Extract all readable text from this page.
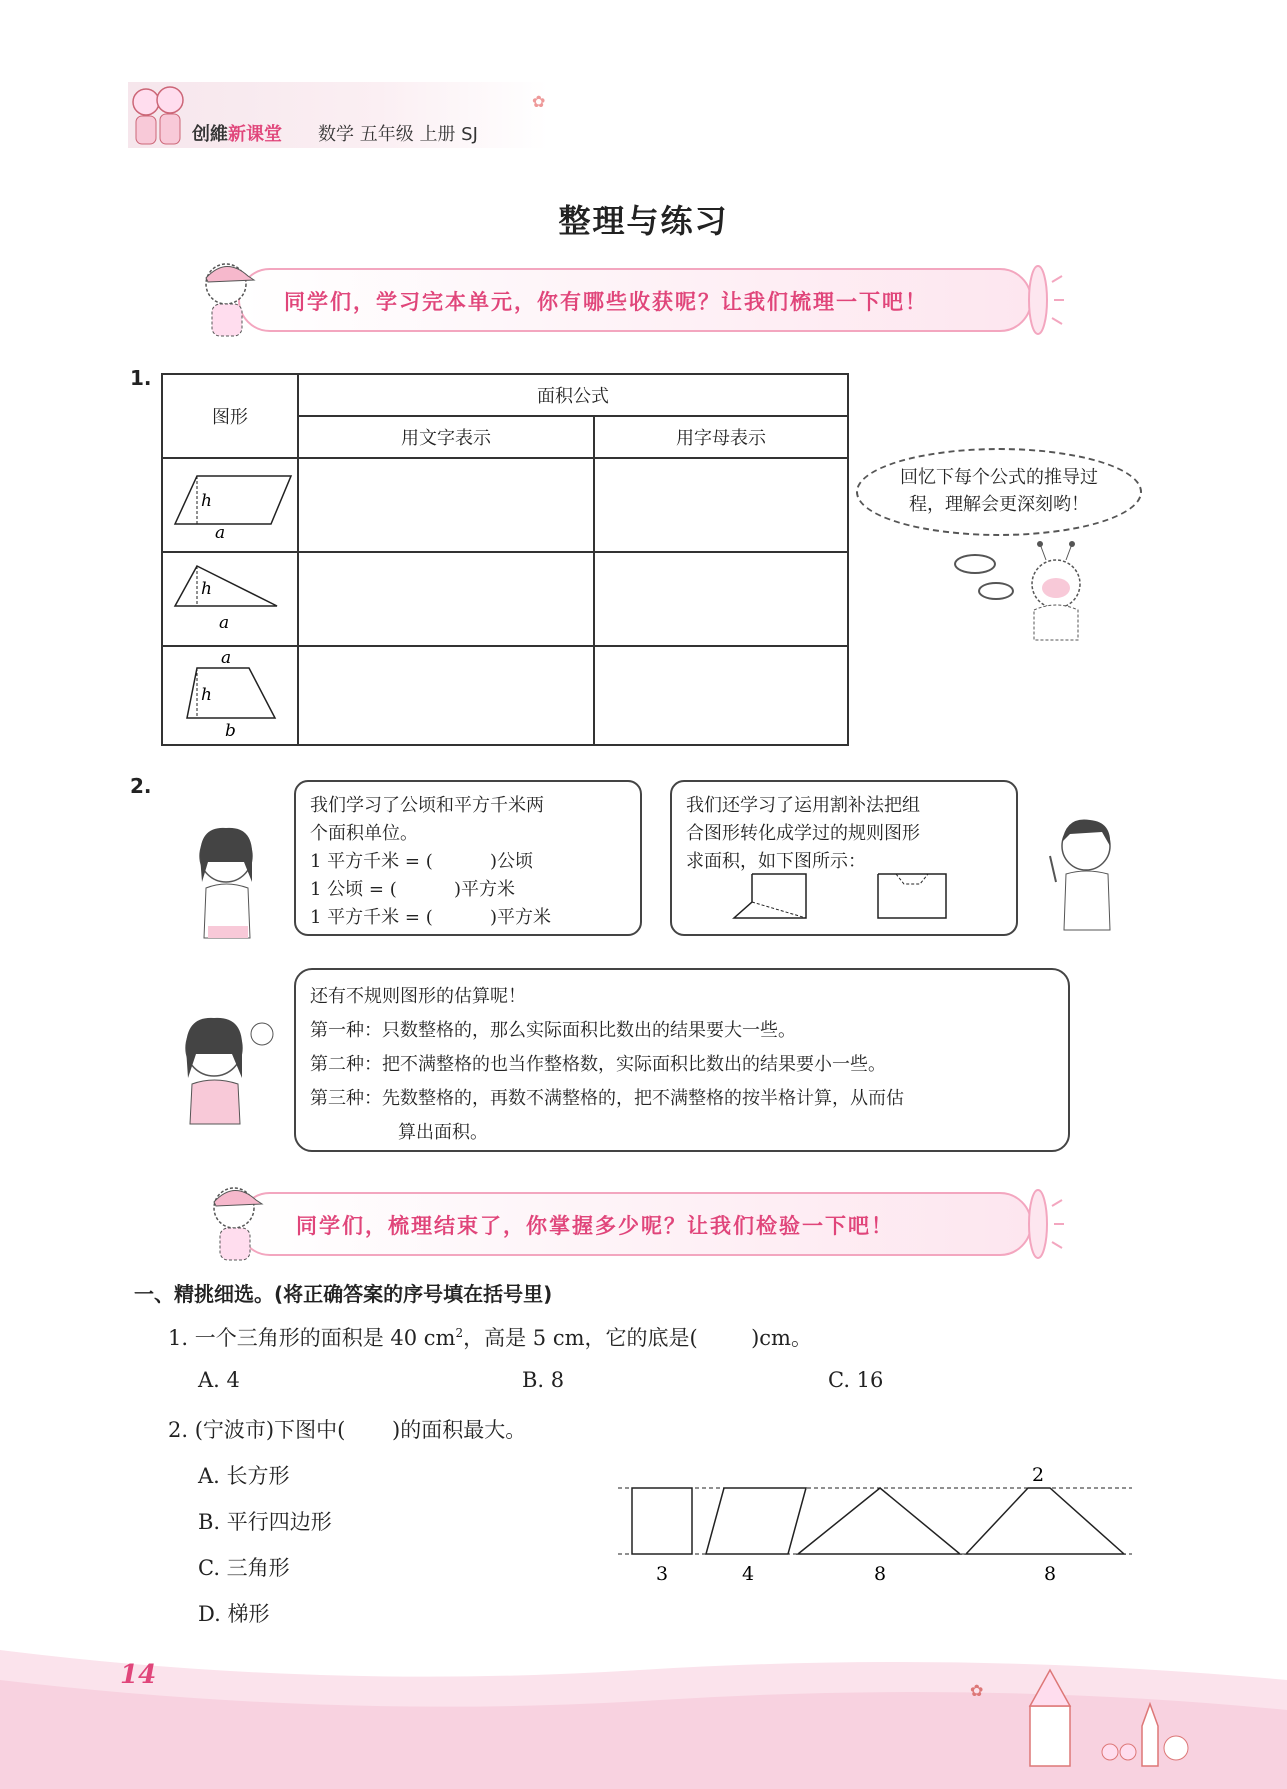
创維新课堂 数学 五年级 上册 SJ
✿
整理与练习
同学们，学习完本单元，你有哪些收获呢？让我们梳理一下吧！
1.
图形	面积公式	
	用文字表示	用字母表示

h
a		

h
a		

a
h
b		

回忆下每个公式的推导过程，理解会更深刻哟！
2.
我们学习了公顷和平方千米两
个面积单位。
1 平方千米 = (          )公顷
1 公顷 = (          )平方米
1 平方千米 = (          )平方米
我们还学习了运用割补法把组
合图形转化成学过的规则图形
求面积，如下图所示：
还有不规则图形的估算呢！
第一种：只数整格的，那么实际面积比数出的结果要大一些。
第二种：把不满整格的也当作整格数，实际面积比数出的结果要小一些。
第三种：先数整格的，再数不满整格的，把不满整格的按半格计算，从而估
算出面积。
同学们，梳理结束了，你掌握多少呢？让我们检验一下吧！
一、精挑细选。(将正确答案的序号填在括号里)
1. 一个三角形的面积是 40 $cm^2$，高是 5 cm，它的底是(        )cm。
A. 4	B. 8	C. 16
2. (宁波市)下图中(       )的面积最大。
A. 长方形
B. 平行四边形
C. 三角形
D. 梯形
2
3	4	8	8
14
✿
